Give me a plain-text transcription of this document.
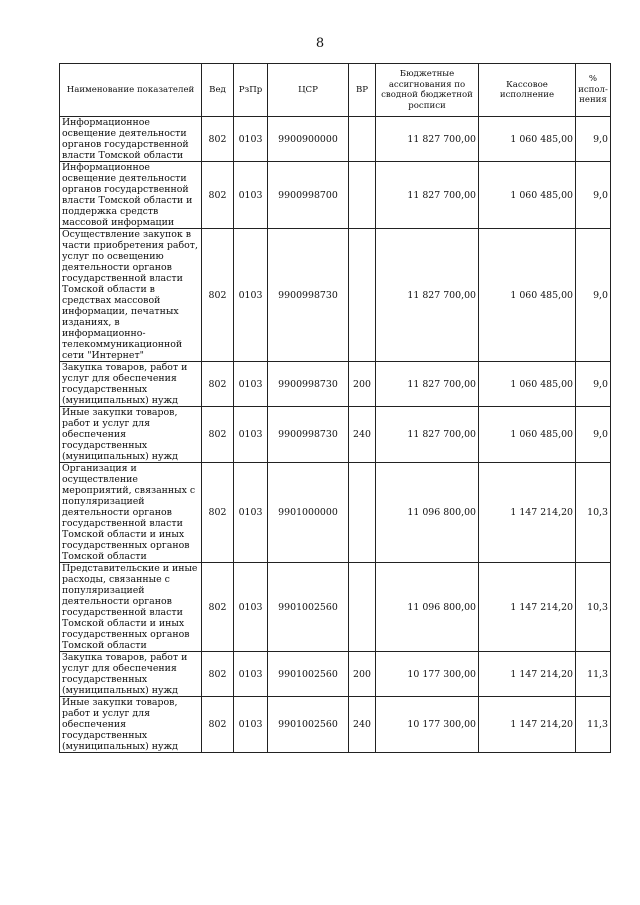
8
Наименование показателей	Вед	РзПр	ЦСР	ВР	Бюджетные ассигнования по сводной бюджетной росписи	Кассовое исполнение	% испол-нения
Информационное освещение деятельности органов государственной власти Томской области	802	0103	9900900000		11 827 700,00	1 060 485,00	9,0
Информационное освещение деятельности органов государственной власти Томской области и поддержка средств массовой информации	802	0103	9900998700		11 827 700,00	1 060 485,00	9,0
Осуществление закупок в части приобретения работ, услуг по освещению деятельности органов государственной власти Томской области в средствах массовой информации, печатных изданиях, в информационно-телекоммуникационной сети "Интернет"	802	0103	9900998730		11 827 700,00	1 060 485,00	9,0
Закупка товаров, работ и услуг для обеспечения государственных (муниципальных) нужд	802	0103	9900998730	200	11 827 700,00	1 060 485,00	9,0
Иные закупки товаров, работ и услуг для обеспечения государственных (муниципальных) нужд	802	0103	9900998730	240	11 827 700,00	1 060 485,00	9,0
Организация и осуществление мероприятий, связанных с популяризацией деятельности органов государственной власти Томской области и иных государственных органов Томской области	802	0103	9901000000		11 096 800,00	1 147 214,20	10,3
Представительские и иные расходы, связанные с популяризацией деятельности органов государственной власти Томской области и иных государственных органов Томской области	802	0103	9901002560		11 096 800,00	1 147 214,20	10,3
Закупка товаров, работ и услуг для обеспечения государственных (муниципальных) нужд	802	0103	9901002560	200	10 177 300,00	1 147 214,20	11,3
Иные закупки товаров, работ и услуг для обеспечения государственных (муниципальных) нужд	802	0103	9901002560	240	10 177 300,00	1 147 214,20	11,3
